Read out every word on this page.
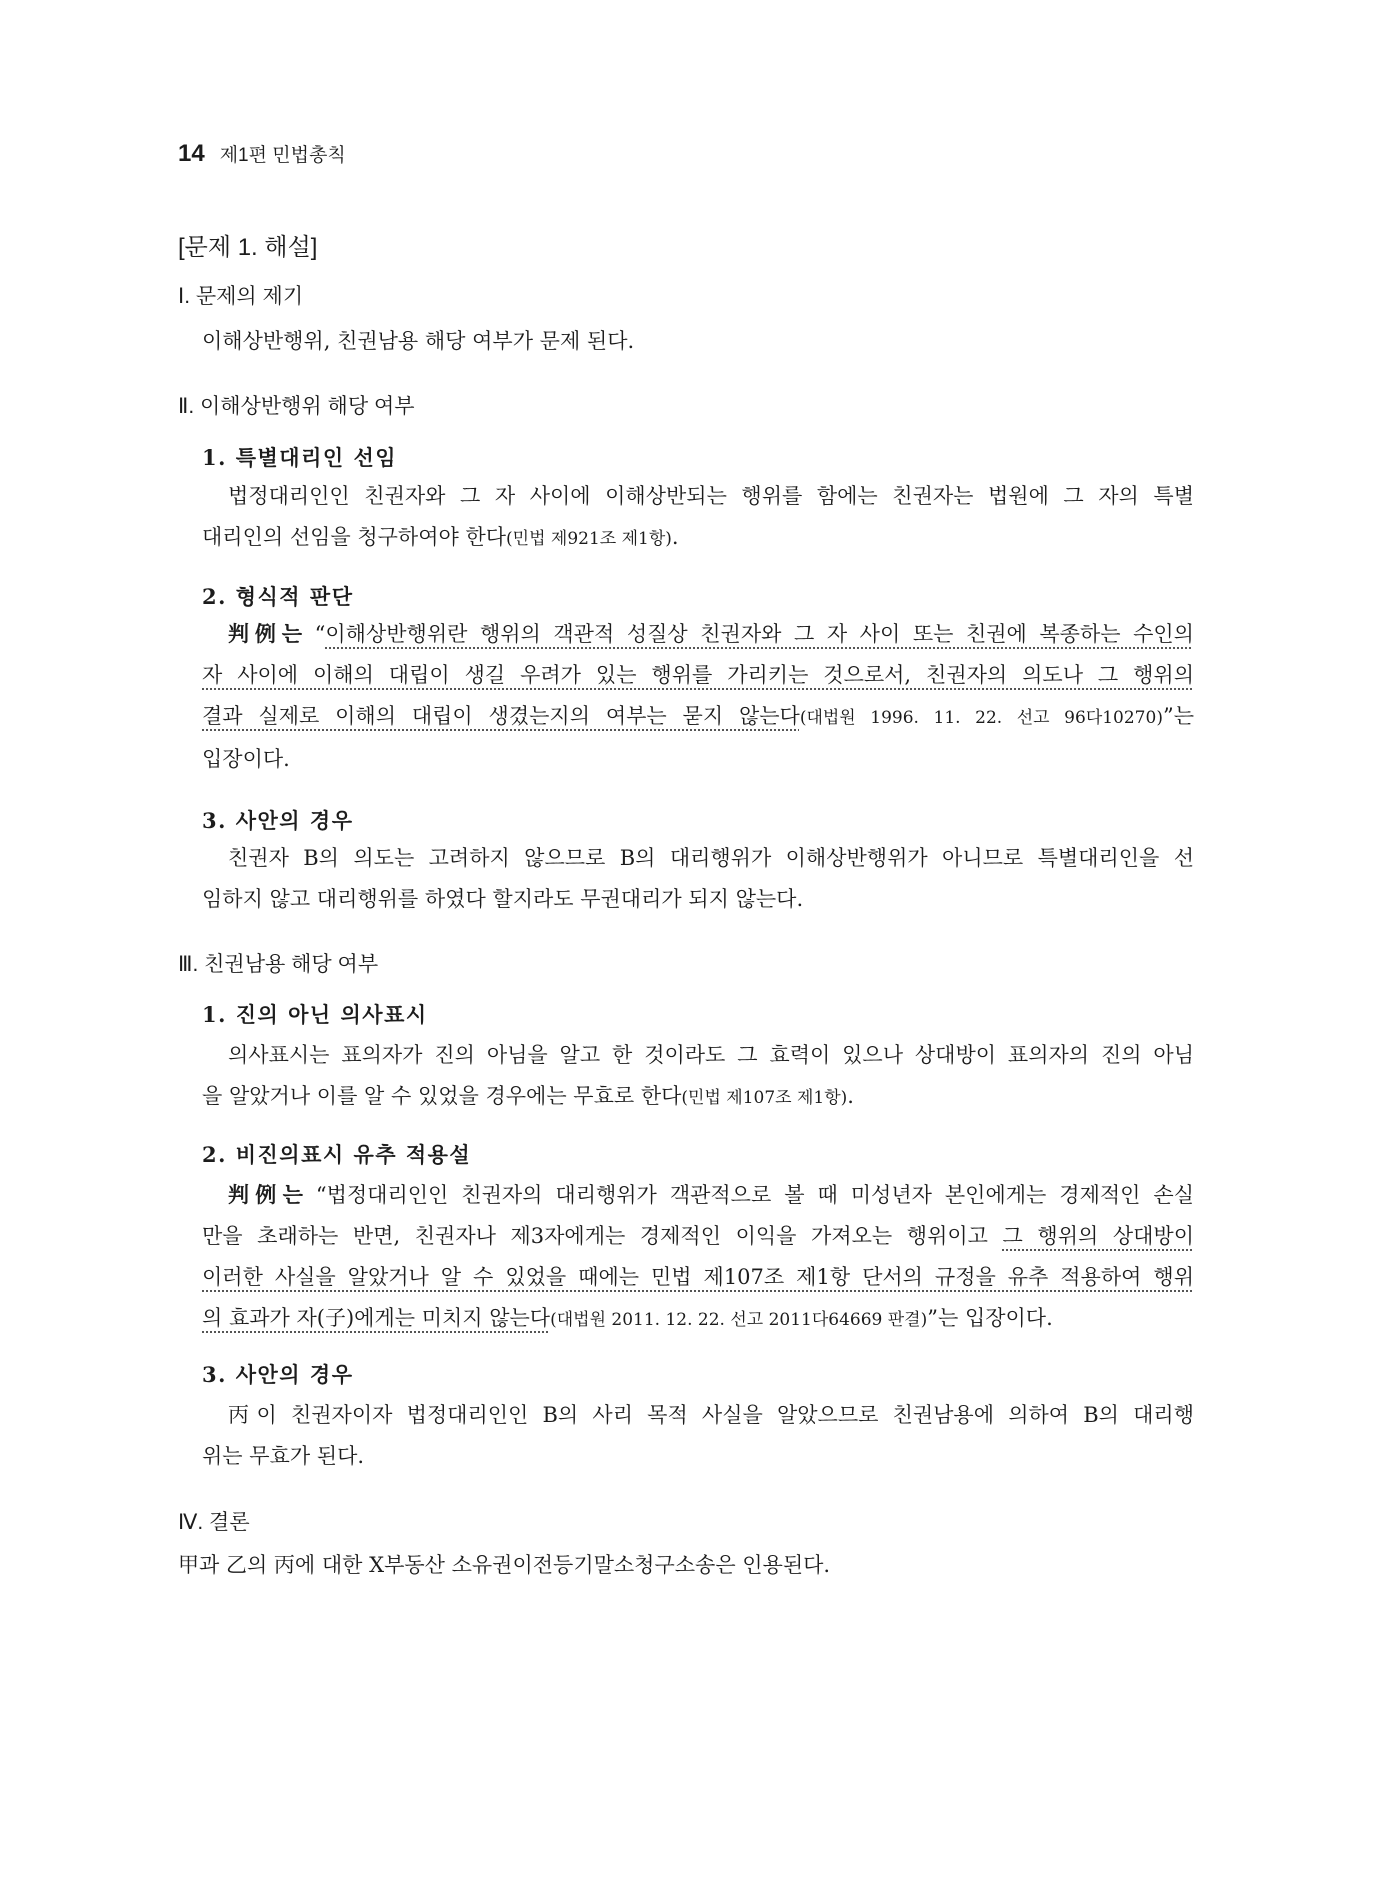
14 제1편 민법총칙
[문제 1. 해설]
Ⅰ. 문제의 제기
이해상반행위, 친권남용 해당 여부가 문제 된다.
Ⅱ. 이해상반행위 해당 여부
1. 특별대리인 선임
법정대리인인 친권자와 그 자 사이에 이해상반되는 행위를 함에는 친권자는 법원에 그 자의 특별
대리인의 선임을 청구하여야 한다(민법 제921조 제1항).
2. 형식적 판단
判例는 “이해상반행위란 행위의 객관적 성질상 친권자와 그 자 사이 또는 친권에 복종하는 수인의
자 사이에 이해의 대립이 생길 우려가 있는 행위를 가리키는 것으로서, 친권자의 의도나 그 행위의
결과 실제로 이해의 대립이 생겼는지의 여부는 묻지 않는다(대법원 1996. 11. 22. 선고 96다10270)”는
입장이다.
3. 사안의 경우
친권자 B의 의도는 고려하지 않으므로 B의 대리행위가 이해상반행위가 아니므로 특별대리인을 선
임하지 않고 대리행위를 하였다 할지라도 무권대리가 되지 않는다.
Ⅲ. 친권남용 해당 여부
1. 진의 아닌 의사표시
의사표시는 표의자가 진의 아님을 알고 한 것이라도 그 효력이 있으나 상대방이 표의자의 진의 아님
을 알았거나 이를 알 수 있었을 경우에는 무효로 한다(민법 제107조 제1항).
2. 비진의표시 유추 적용설
判例는 “법정대리인인 친권자의 대리행위가 객관적으로 볼 때 미성년자 본인에게는 경제적인 손실
만을 초래하는 반면, 친권자나 제3자에게는 경제적인 이익을 가져오는 행위이고 그 행위의 상대방이
이러한 사실을 알았거나 알 수 있었을 때에는 민법 제107조 제1항 단서의 규정을 유추 적용하여 행위
의 효과가 자(子)에게는 미치지 않는다(대법원 2011. 12. 22. 선고 2011다64669 판결)”는 입장이다.
3. 사안의 경우
丙이 친권자이자 법정대리인인 B의 사리 목적 사실을 알았으므로 친권남용에 의하여 B의 대리행
위는 무효가 된다.
Ⅳ. 결론
甲과 乙의 丙에 대한 X부동산 소유권이전등기말소청구소송은 인용된다.
